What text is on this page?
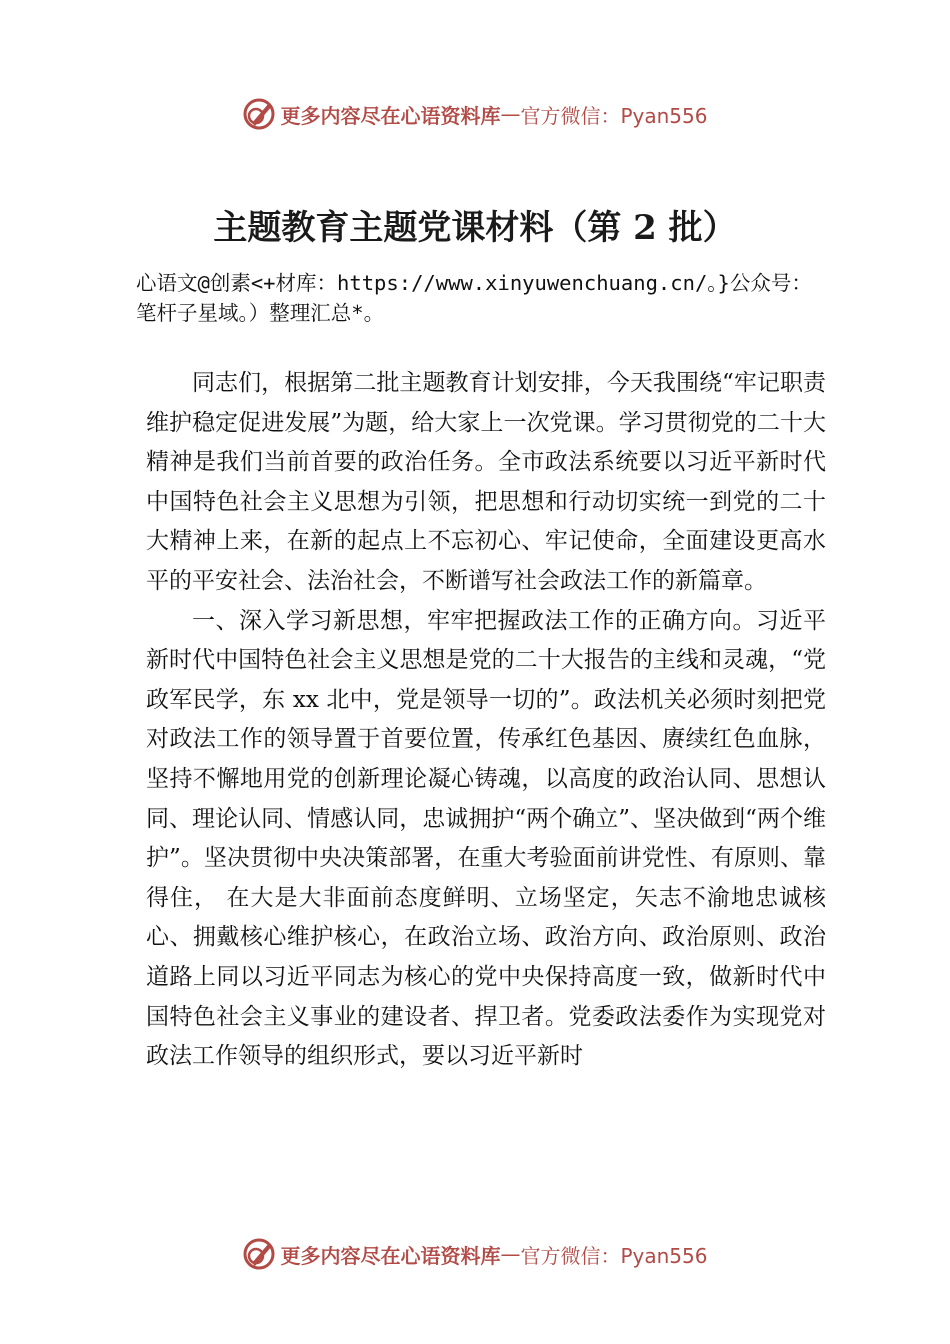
更多内容尽在心语资料库 — 官方微信：Pyan556
主题教育主题党课材料（第 2 批）
心语文@创素<+材库：https://www.xinyuwenchuang.cn/。}公众号：笔杆子星域。）整理汇总*。

同志们，根据第二批主题教育计划安排，今天我围绕“牢记职责维护稳定促进发展”为题，给大家上一次党课。学习贯彻党的二十大精神是我们当前首要的政治任务。全市政法系统要以习近平新时代中国特色社会主义思想为引领，把思想和行动切实统一到党的二十大精神上来，在新的起点上不忘初心、牢记使命，全面建设更高水平的平安社会、法治社会，不断谱写社会政法工作的新篇章。

一、深入学习新思想，牢牢把握政法工作的正确方向。习近平新时代中国特色社会主义思想是党的二十大报告的主线和灵魂，“党政军民学，东 xx 北中，党是领导一切的”。政法机关必须时刻把党对政法工作的领导置于首要位置，传承红色基因、赓续红色血脉，坚持不懈地用党的创新理论凝心铸魂，以高度的政治认同、思想认同、理论认同、情感认同，忠诚拥护“两个确立”、坚决做到“两个维护”。坚决贯彻中央决策部署，在重大考验面前讲党性、有原则、靠得住， 在大是大非面前态度鲜明、立场坚定，矢志不渝地忠诚核心、拥戴核心维护核心，在政治立场、政治方向、政治原则、政治道路上同以习近平同志为核心的党中央保持高度一致，做新时代中国特色社会主义事业的建设者、捍卫者。党委政法委作为实现党对政法工作领导的组织形式，要以习近平新时

更多内容尽在心语资料库 — 官方微信：Pyan556
